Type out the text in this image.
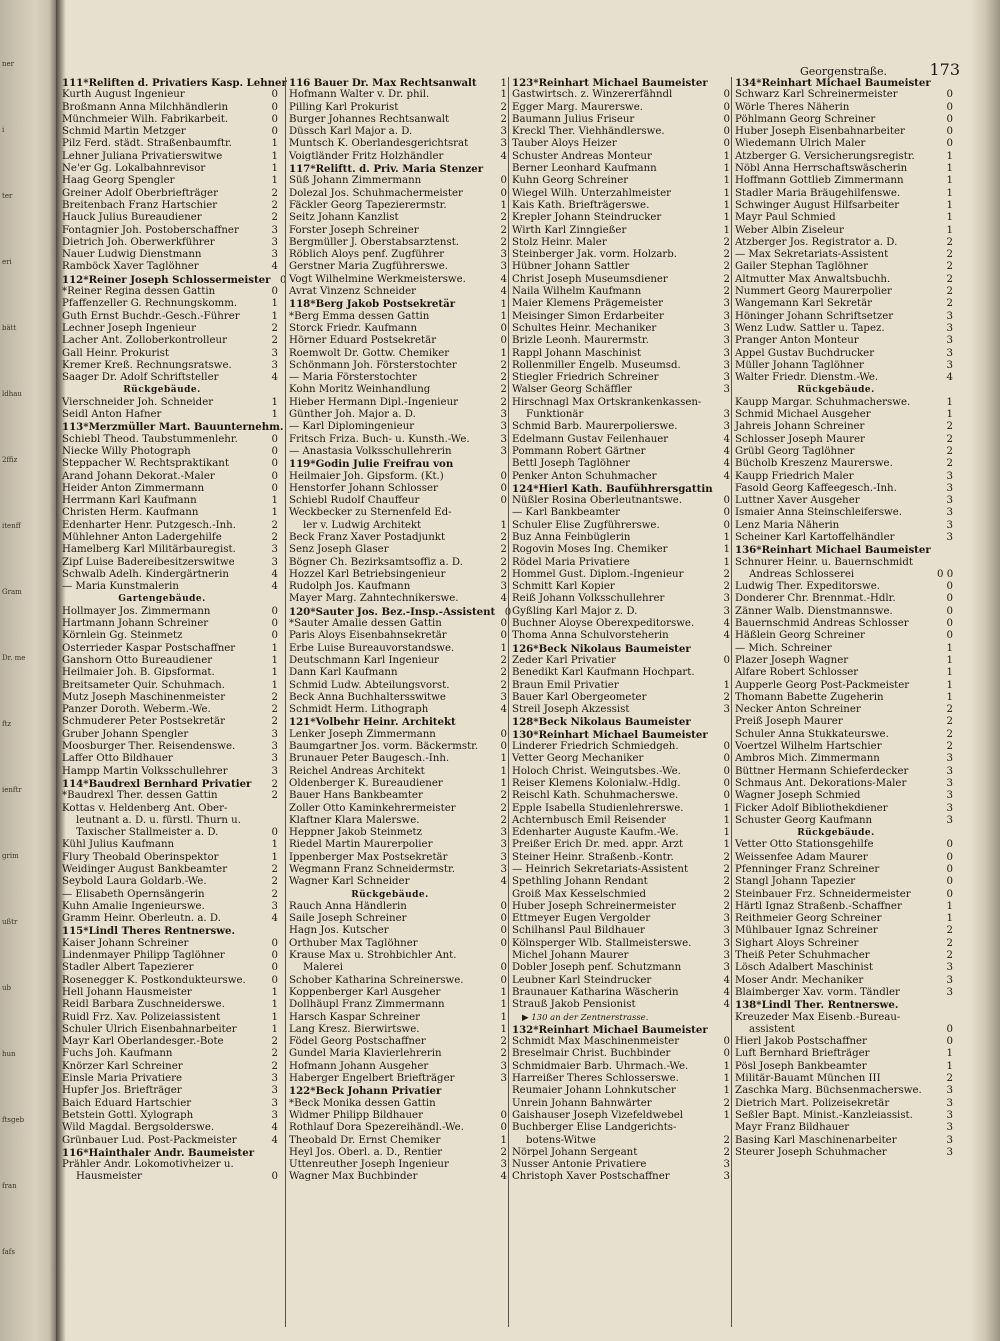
ner
i
ter
eri
bätt
ldhau
2ffiz
itenff
Gram
Dr. me
ftz
ienftr
grim
ußtr
ub
hun
ftsgeb
fran
fafs
Georgenstraße.	173
111*Reliften d. Privatiers Kasp. Lehner
Kurth August Ingenieur	0
Broßmann Anna Milchhändlerin	0
Münchmeier Wilh. Fabrikarbeit.	0
Schmid Martin Metzger	0
Pilz Ferd. städt. Straßenbaumftr.	1
Lehner Juliana Privatierswitwe	1
Ne'er Gg. Lokalbahnrevisor	1
Haag Georg Spengler	1
Greiner Adolf Oberbriefträger	2
Breitenbach Franz Hartschier	2
Hauck Julius Bureaudiener	2
Fontagnier Joh. Postoberschaffner	3
Dietrich Joh. Oberwerkführer	3
Nauer Ludwig Dienstmann	3
Ramböck Xaver Taglöhner	4
112*Reiner Joseph Schlossermeister 0
*Reiner Regina dessen Gattin	0
Pfaffenzeller G. Rechnungskomm.	1
Guth Ernst Buchdr.-Gesch.-Führer	1
Lechner Joseph Ingenieur	2
Lacher Ant. Zolloberkontrolleur	2
Gall Heinr. Prokurist	3
Kremer Kreß. Rechnungsratswe.	3
Saager Dr. Adolf Schriftsteller	4
Rückgebäude.
Vierschneider Joh. Schneider	1
Seidl Anton Hafner	1
113*Merzmüller Mart. Bauunternehm.
Schiebl Theod. Taubstummenlehr.	0
Niecke Willy Photograph	0
Steppacher W. Rechtspraktikant	0
Arand Johann Dekorat.-Maler	0
Heider Anton Zimmermann	0
Herrmann Karl Kaufmann	1
Christen Herm. Kaufmann	1
Edenharter Henr. Putzgesch.-Inh.	2
Mühlehner Anton Ladergehilfe	2
Hamelberg Karl Militärbauregist.	3
Zipf Luise Badereibesitzerswitwe	3
Schwalb Adelh. Kindergärtnerin	4
— Maria Kunstmalerin	4
Gartengebäude.
Hollmayer Jos. Zimmermann	0
Hartmann Johann Schreiner	0
Körnlein Gg. Steinmetz	0
Osterrieder Kaspar Postschaffner	1
Ganshorn Otto Bureaudiener	1
Heilmaier Joh. B. Gipsformat.	1
Breitsameter Quir. Schuhmach.	1
Mutz Joseph Maschinenmeister	2
Panzer Doroth. Weberm.-We.	2
Schmuderer Peter Postsekretär	2
Gruber Johann Spengler	3
Moosburger Ther. Reisendenswe.	3
Laffer Otto Bildhauer	3
Hampp Martin Volksschullehrer	3
114*Baudrexl Bernhard Privatier	2
*Baudrexl Ther. dessen Gattin	2
Kottas v. Heldenberg Ant. Ober-
leutnant a. D. u. fürstl. Thurn u.
Taxischer Stallmeister a. D.	0
Kühl Julius Kaufmann	1
Flury Theobald Oberinspektor	1
Weidinger August Bankbeamter	2
Seybold Laura Goldarb.-We.	2
— Elisabeth Opernsängerin	2
Kuhn Amalie Ingenieurswe.	3
Gramm Heinr. Oberleutn. a. D.	4
115*Lindl Theres Rentnerswe.
Kaiser Johann Schreiner	0
Lindenmayer Philipp Taglöhner	0
Stadler Albert Tapezierer	0
Rosenegger K. Postkondukteurswe.	0
Hell Johann Hausmeister	1
Reidl Barbara Zuschneiderswe.	1
Ruidl Frz. Xav. Polizeiassistent	1
Schuler Ulrich Eisenbahnarbeiter	1
Mayr Karl Oberlandesger.-Bote	2
Fuchs Joh. Kaufmann	2
Knörzer Karl Schreiner	2
Einsle Maria Privatiere	3
Hupfer Jos. Briefträger	3
Baich Eduard Hartschier	3
Betstein Gottl. Xylograph	3
Wild Magdal. Bergsolderswe.	4
Grünbauer Lud. Post-Packmeister	4
116*Hainthaler Andr. Baumeister
Prähler Andr. Lokomotivheizer u.
Hausmeister	0
116 Bauer Dr. Max Rechtsanwalt	1
Hofmann Walter v. Dr. phil.	1
Pilling Karl Prokurist	2
Burger Johannes Rechtsanwalt	2
Düssch Karl Major a. D.	3
Muntsch K. Oberlandesgerichtsrat	3
Voigtländer Fritz Holzhändler	4
117*Reliftt. d. Priv. Maria Stenzer
Süß Johann Zimmermann	0
Dolezal Jos. Schuhmachermeister	0
Fäckler Georg Tapezierermstr.	1
Seitz Johann Kanzlist	2
Forster Joseph Schreiner	2
Bergmüller J. Oberstabsarztenst.	2
Röblich Aloys penf. Zugführer	3
Gerstner Maria Zugführerswe.	3
Vogt Wilhelmine Werkmeisterswe.	4
Avrat Vinzenz Schneider	4
118*Berg Jakob Postsekretär	1
*Berg Emma dessen Gattin	1
Storck Friedr. Kaufmann	0
Hörner Eduard Postsekretär	0
Roemwolt Dr. Gottw. Chemiker	1
Schönmann Joh. Försterstochter	2
— Maria Försterstochter	2
Kohn Moritz Weinhandlung	2
Hieber Hermann Dipl.-Ingenieur	2
Günther Joh. Major a. D.	3
— Karl Diplomingenieur	3
Fritsch Friza. Buch- u. Kunsth.-We.	3
— Anastasia Volksschullehrerin	3
119*Godin Julie Freifrau von
Heilmaier Joh. Gipsform. (Kt.)	0
Henstorfer Johann Schlosser	0
Schiebl Rudolf Chauffeur	0
Weckbecker zu Sternenfeld Ed-
ler v. Ludwig Architekt	1
Beck Franz Xaver Postadjunkt	2
Senz Joseph Glaser	2
Bögner Ch. Bezirksamtsoffiz a. D.	2
Hozzel Karl Betriebsingenieur	2
Rudolph Jos. Kaufmann	3
Mayer Marg. Zahntechnikerswe.	4
120*Sauter Jos. Bez.-Insp.-Assistent 0
*Sauter Amalie dessen Gattin	0
Paris Aloys Eisenbahnsekretär	0
Erbe Luise Bureauvorstandswe.	1
Deutschmann Karl Ingenieur	2
Dann Karl Kaufmann	2
Schmid Ludw. Abteilungsvorst.	2
Beck Anna Buchhaltersswitwe	3
Schmidt Herm. Lithograph	4
121*Volbehr Heinr. Architekt
Lenker Joseph Zimmermann	0
Baumgartner Jos. vorm. Bäckermstr.	0
Brunauer Peter Baugesch.-Inh.	1
Reichel Andreas Architekt	1
Oldenberger K. Bureaudiener	1
Bauer Hans Bankbeamter	2
Zoller Otto Kaminkehrermeister	2
Klaftner Klara Malerswe.	2
Heppner Jakob Steinmetz	3
Riedel Martin Maurerpolier	3
Ippenberger Max Postsekretär	3
Wegmann Franz Schneidermstr.	3
Wagner Karl Schneider	4
Rückgebäude.
Rauch Anna Händlerin	0
Saile Joseph Schreiner	0
Hagn Jos. Kutscher	0
Orthuber Max Taglöhner	0
Krause Max u. Strohbichler Ant.
Malerei	0
Schober Katharina Schreinerswe.	0
Koppenberger Karl Ausgeher	1
Dollhäupl Franz Zimmermann	1
Harsch Kaspar Schreiner	1
Lang Kresz. Bierwirtswe.	1
Födel Georg Postschaffner	2
Gundel Maria Klavierlehrerin	2
Hofmann Johann Ausgeher	3
Haberger Engelbert Briefträger	3
122*Beck Johann Privatier
*Beck Monika dessen Gattin
Widmer Philipp Bildhauer	0
Rothlauf Dora Spezereihändl.-We.	0
Theobald Dr. Ernst Chemiker	1
Heyl Jos. Oberl. a. D., Rentier	2
Uttenreuther Joseph Ingenieur	3
Wagner Max Buchbinder	4
123*Reinhart Michael Baumeister
Gastwirtsch. z. Winzererfähndl	0
Egger Marg. Maurerswe.	0
Baumann Julius Friseur	0
Kreckl Ther. Viehhändlerswe.	0
Tauber Aloys Heizer	0
Schuster Andreas Monteur	1
Berner Leonhard Kaufmann	1
Kuhn Georg Schreiner	1
Wiegel Wilh. Unterzahlmeister	1
Kais Kath. Briefträgerswe.	1
Krepler Johann Steindrucker	1
Wirth Karl Zinngießer	1
Stolz Heinr. Maler	2
Steinberger Jak. vorm. Holzarb.	2
Hübner Johann Sattler	2
Christ Joseph Museumsdiener	2
Naila Wilhelm Kaufmann	2
Maier Klemens Prägemeister	3
Meisinger Simon Erdarbeiter	3
Schultes Heinr. Mechaniker	3
Brizle Leonh. Maurermstr.	3
Rappl Johann Maschinist	3
Rollenmiller Engelb. Museumsd.	3
Stiegler Friedrich Schreiner	3
Walser Georg Schäffler	3
Hirschnagl Max Ortskrankenkassen-
Funktionär	3
Schmid Barb. Maurerpolierswe.	3
Edelmann Gustav Feilenhauer	4
Pommann Robert Gärtner	4
Bettl Joseph Taglöhner	4
Penker Anton Schuhmacher	4
124*Hierl Kath. Baufühhrersgattin
Nüßler Rosina Oberleutnantswe.	0
— Karl Bankbeamter	0
Schuler Elise Zugführerswe.	0
Buz Anna Feinbüglerin	1
Rogovin Moses Ing. Chemiker	1
Rödel Maria Privatiere	1
Hommel Gust. Diplom.-Ingenieur	2
Schmitt Karl Kopier	2
Reiß Johann Volksschullehrer	3
Gyßling Karl Major z. D.	3
Buchner Aloyse Oberexpeditorswe.	4
Thoma Anna Schulvorsteherin	4
126*Beck Nikolaus Baumeister
Zeder Karl Privatier	0
Benedikt Karl Kaufmann Hochpart.
Braun Emil Privatier	1
Bauer Karl Obergeometer	2
Streil Joseph Akzessist	3
128*Beck Nikolaus Baumeister
130*Reinhart Michael Baumeister
Linderer Friedrich Schmiedgeh.	0
Vetter Georg Mechaniker	0
Holoch Christ. Weingutsbes.-We.	0
Reiser Klemens Kolonialw.-Hdlg.	0
Reischl Kath. Schuhmacherswe.	0
Epple Isabella Studienlehrerswe.	1
Achternbusch Emil Reisender	1
Edenharter Auguste Kaufm.-We.	1
Preißer Erich Dr. med. appr. Arzt	1
Steiner Heinr. Straßenb.-Kontr.	2
— Heinrich Sekretariats-Assistent	2
Spethling Johann Rendant	2
Groiß Max Kesselschmied	2
Huber Joseph Schreinermeister	2
Ettmeyer Eugen Vergolder	3
Schilhansl Paul Bildhauer	3
Kölnsperger Wlb. Stallmeisterswe.	3
Michel Johann Maurer	3
Dobler Joseph penf. Schutzmann	3
Leubner Karl Steindrucker	4
Braunauer Katharina Wäscherin	4
Strauß Jakob Pensionist	4
▶ 130 an der Zentnerstrasse.
132*Reinhart Michael Baumeister
Schmidt Max Maschinenmeister	0
Breselmair Christ. Buchbinder	0
Schmidmaier Barb. Uhrmach.-We.	1
Harreißer Theres Schlosserswe.	1
Reumaier Johann Lohnkutscher	1
Unrein Johann Bahnwärter	2
Gaishauser Joseph Vizefeldwebel	1
Buchberger Elise Landgerichts-
botens-Witwe	2
Nörpel Johann Sergeant	2
Nusser Antonie Privatiere	3
Christoph Xaver Postschaffner	3
134*Reinhart Michael Baumeister
Schwarz Karl Schreinermeister	0
Wörle Theres Näherin	0
Pöhlmann Georg Schreiner	0
Huber Joseph Eisenbahnarbeiter	0
Wiedemann Ulrich Maler	0
Atzberger G. Versicherungsregistr.	1
Nöbl Anna Herrschaftswäscherin	1
Hoffmann Gottlieb Zimmermann	1
Stadler Maria Bräugehilfenswe.	1
Schwinger August Hilfsarbeiter	1
Mayr Paul Schmied	1
Weber Albin Ziseleur	1
Atzberger Jos. Registrator a. D.	2
— Max Sekretariats-Assistent	2
Gailer Stephan Taglöhner	2
Altmutter Max Anwaltsbuchh.	2
Nummert Georg Maurerpolier	2
Wangemann Karl Sekretär	2
Höninger Johann Schriftsetzer	3
Wenz Ludw. Sattler u. Tapez.	3
Pranger Anton Monteur	3
Appel Gustav Buchdrucker	3
Müller Johann Taglöhner	3
Walter Friedr. Dienstm.-We.	4
Rückgebäude.
Kaupp Margar. Schuhmacherswe.	1
Schmid Michael Ausgeher	1
Jahreis Johann Schreiner	2
Schlosser Joseph Maurer	2
Grübl Georg Taglöhner	2
Bücholb Kreszenz Maurerswe.	2
Kaupp Friedrich Maler	3
Fasold Georg Kaffeegesch.-Inh.	3
Luttner Xaver Ausgeher	3
Ismaier Anna Steinschleiferswe.	3
Lenz Maria Näherin	3
Scheiner Karl Kartoffelhändler	3
136*Reinhart Michael Baumeister
Schnurer Heinr. u. Bauernschmidt
Andreas Schlosserei	0 0
Ludwig Ther. Expeditorswe.	0
Donderer Chr. Brennmat.-Hdlr.	0
Zänner Walb. Dienstmannswe.	0
Bauernschmid Andreas Schlosser	0
Häßlein Georg Schreiner	0
— Mich. Schreiner	1
Plazer Joseph Wagner	1
Alfare Robert Schlosser	1
Aupperle Georg Post-Packmeister	1
Thomann Babette Zugeherin	1
Necker Anton Schreiner	2
Preiß Joseph Maurer	2
Schuler Anna Stukkateurswe.	2
Voertzel Wilhelm Hartschier	2
Ambros Mich. Zimmermann	3
Büttner Hermann Schieferdecker	3
Schmaus Ant. Dekorations-Maler	3
Wagner Joseph Schmied	3
Ficker Adolf Bibliothekdiener	3
Schuster Georg Kaufmann	3
Rückgebäude.
Vetter Otto Stationsgehilfe	0
Weissenfee Adam Maurer	0
Pfenninger Franz Schreiner	0
Stangl Johann Tapezier	0
Steinbauer Frz. Schneidermeister	0
Härtl Ignaz Straßenb.-Schaffner	1
Reithmeier Georg Schreiner	1
Mühlbauer Ignaz Schreiner	2
Sighart Aloys Schreiner	2
Theiß Peter Schuhmacher	2
Lösch Adalbert Maschinist	3
Moser Andr. Mechaniker	3
Blaimberger Xav. vorm. Tändler	3
138*Lindl Ther. Rentnerswe.
Kreuzeder Max Eisenb.-Bureau-
assistent	0
Hierl Jakob Postschaffner	0
Luft Bernhard Briefträger	1
Pösl Joseph Bankbeamter	1
Militär-Bauamt München III	2
Zaschka Marg. Büchsenmacherswe.	3
Dietrich Mart. Polizeisekretär	3
Seßler Bapt. Minist.-Kanzleiassist.	3
Mayr Franz Bildhauer	3
Basing Karl Maschinenarbeiter	3
Steurer Joseph Schuhmacher	3
